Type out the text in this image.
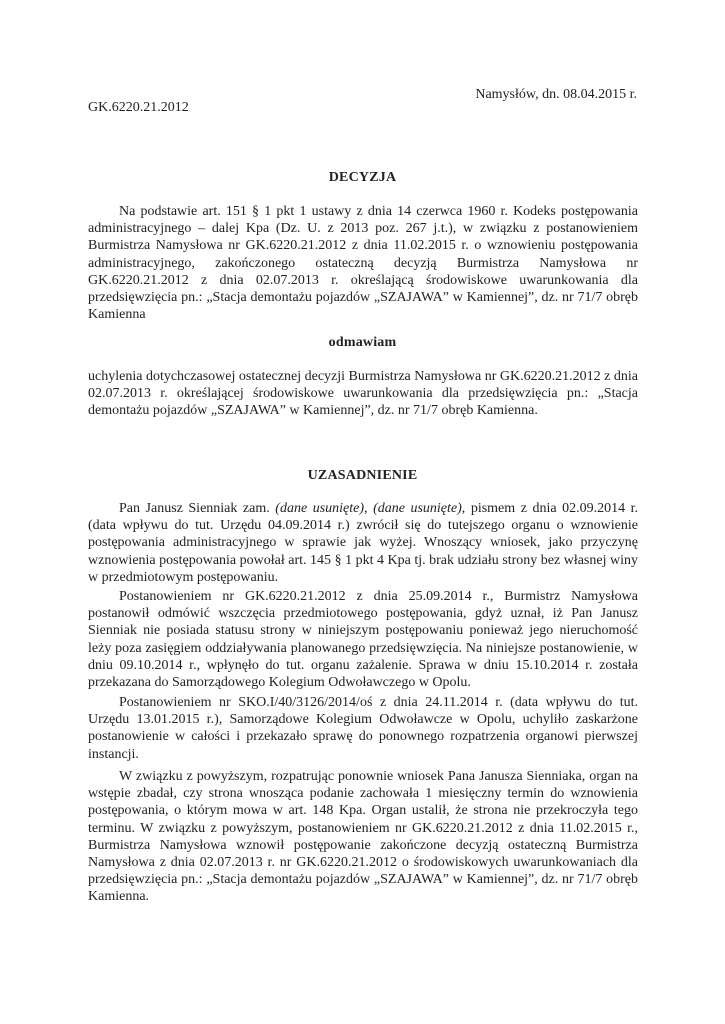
Namysłów, dn. 08.04.2015 r.
GK.6220.21.2012
DECYZJA

Na podstawie art. 151 § 1 pkt 1 ustawy z dnia 14 czerwca 1960 r. Kodeks postępowania administracyjnego – dalej Kpa (Dz. U. z 2013 poz. 267 j.t.), w związku z postanowieniem Burmistrza Namysłowa nr GK.6220.21.2012 z dnia 11.02.2015 r. o wznowieniu postępowania administracyjnego, zakończonego ostateczną decyzją Burmistrza Namysłowa nr GK.6220.21.2012 z dnia 02.07.2013 r. określającą środowiskowe uwarunkowania dla przedsięwzięcia pn.: „Stacja demontażu pojazdów „SZAJAWA” w Kamiennej”, dz. nr 71/7 obręb Kamienna

odmawiam

uchylenia dotychczasowej ostatecznej decyzji Burmistrza Namysłowa nr GK.6220.21.2012 z dnia 02.07.2013 r. określającej środowiskowe uwarunkowania dla przedsięwzięcia pn.: „Stacja demontażu pojazdów „SZAJAWA” w Kamiennej”, dz. nr 71/7 obręb Kamienna.

UZASADNIENIE

Pan Janusz Sienniak zam. (dane usunięte), (dane usunięte), pismem z dnia 02.09.2014 r. (data wpływu do tut. Urzędu 04.09.2014 r.) zwrócił się do tutejszego organu o wznowienie postępowania administracyjnego w sprawie jak wyżej. Wnoszący wniosek, jako przyczynę wznowienia postępowania powołał art. 145 § 1 pkt 4 Kpa tj. brak udziału strony bez własnej winy w przedmiotowym postępowaniu.

Postanowieniem nr GK.6220.21.2012 z dnia 25.09.2014 r., Burmistrz Namysłowa postanowił odmówić wszczęcia przedmiotowego postępowania, gdyż uznał, iż Pan Janusz Sienniak nie posiada statusu strony w niniejszym postępowaniu ponieważ jego nieruchomość leży poza zasięgiem oddziaływania planowanego przedsięwzięcia. Na niniejsze postanowienie, w dniu 09.10.2014 r., wpłynęło do tut. organu zażalenie. Sprawa w dniu 15.10.2014 r. została przekazana do Samorządowego Kolegium Odwoławczego w Opolu.

Postanowieniem nr SKO.I/40/3126/2014/oś z dnia 24.11.2014 r. (data wpływu do tut. Urzędu 13.01.2015 r.), Samorządowe Kolegium Odwoławcze w Opolu, uchyliło zaskarżone postanowienie w całości i przekazało sprawę do ponownego rozpatrzenia organowi pierwszej instancji.

W związku z powyższym, rozpatrując ponownie wniosek Pana Janusza Sienniaka, organ na wstępie zbadał, czy strona wnosząca podanie zachowała 1 miesięczny termin do wznowienia postępowania, o którym mowa w art. 148 Kpa. Organ ustalił, że strona nie przekroczyła tego terminu. W związku z powyższym, postanowieniem nr GK.6220.21.2012 z dnia 11.02.2015 r., Burmistrza Namysłowa wznowił postępowanie zakończone decyzją ostateczną Burmistrza Namysłowa z dnia 02.07.2013 r. nr GK.6220.21.2012 o środowiskowych uwarunkowaniach dla przedsięwzięcia pn.: „Stacja demontażu pojazdów „SZAJAWA” w Kamiennej”, dz. nr 71/7 obręb Kamienna.
